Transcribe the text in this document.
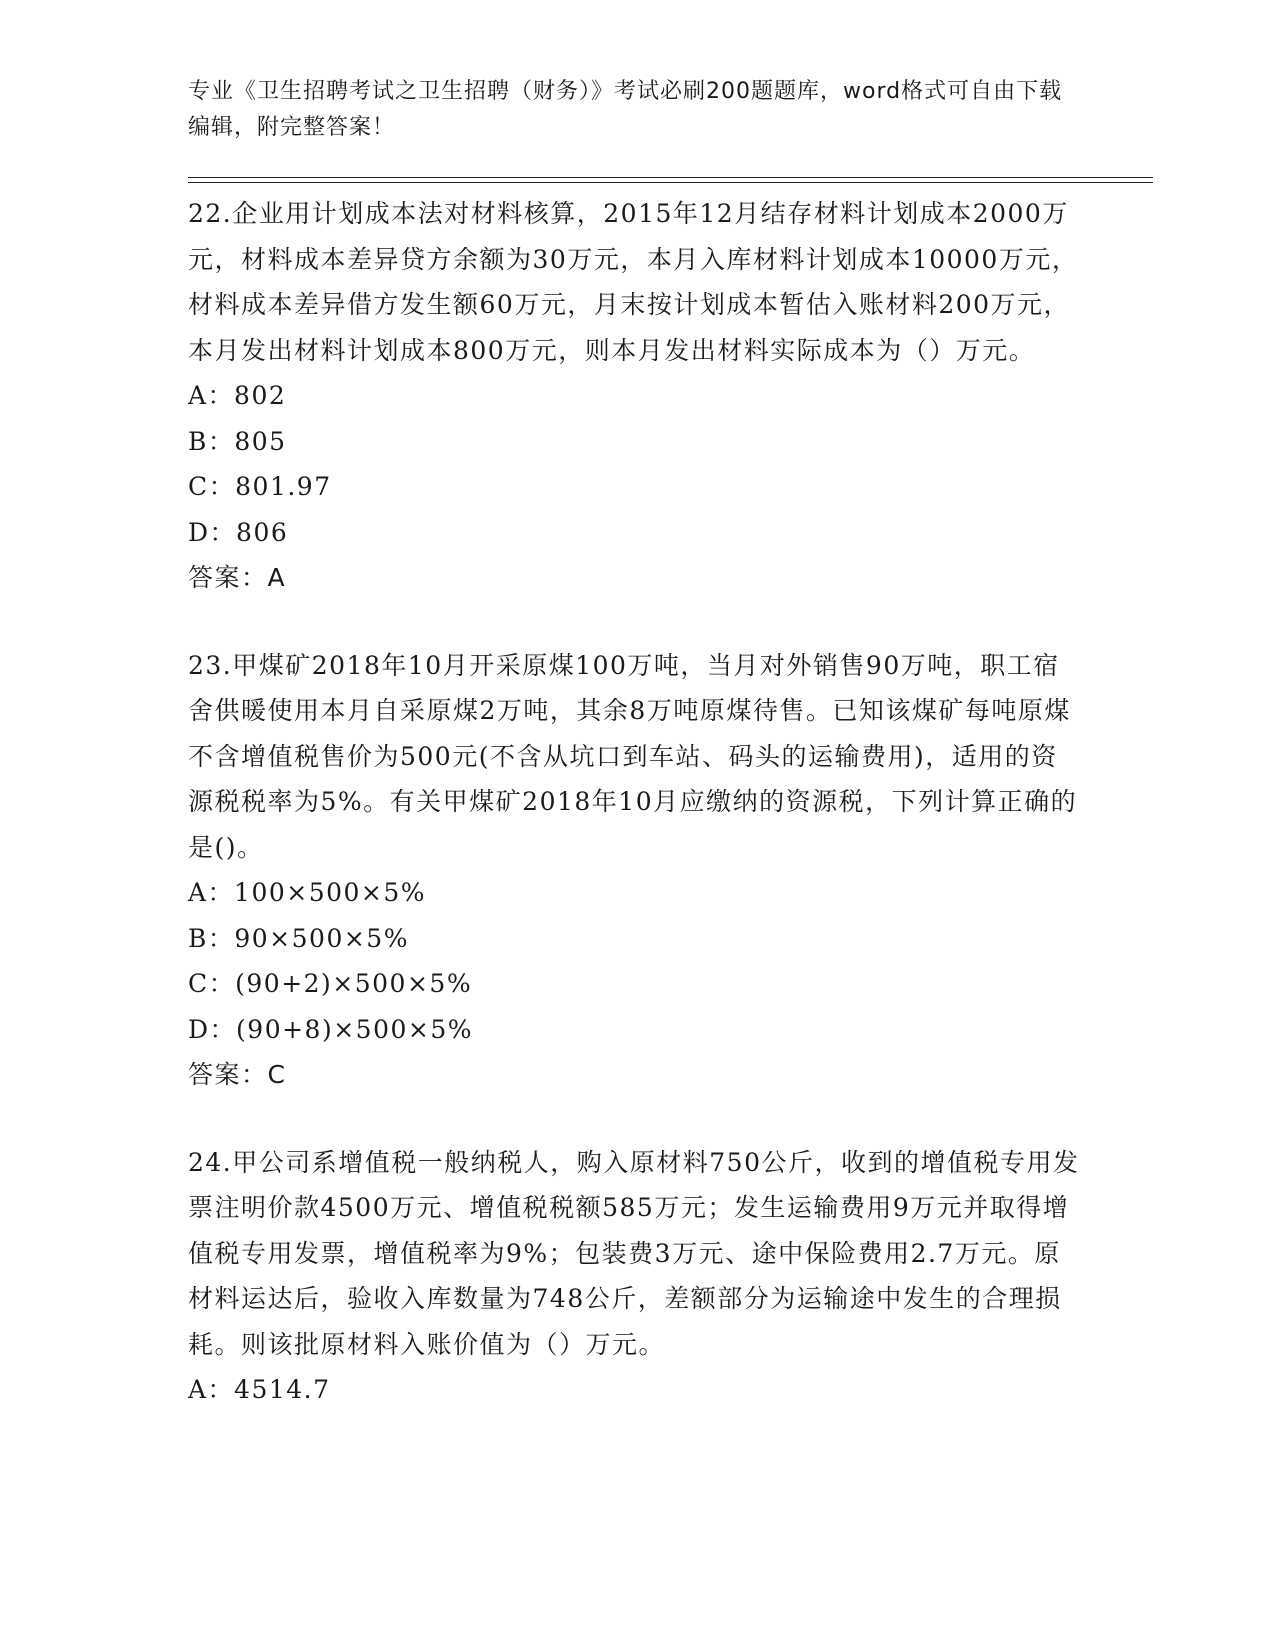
专业《卫生招聘考试之卫生招聘（财务）》考试必刷200题题库，word格式可自由下载编辑，附完整答案！
22.企业用计划成本法对材料核算，2015年12月结存材料计划成本2000万元，材料成本差异贷方余额为30万元，本月入库材料计划成本10000万元，材料成本差异借方发生额60万元，月末按计划成本暂估入账材料200万元，本月发出材料计划成本800万元，则本月发出材料实际成本为（）万元。
A：802
B：805
C：801.97
D：806
答案：A
23.甲煤矿2018年10月开采原煤100万吨，当月对外销售90万吨，职工宿舍供暖使用本月自采原煤2万吨，其余8万吨原煤待售。已知该煤矿每吨原煤不含增值税售价为500元(不含从坑口到车站、码头的运输费用)，适用的资源税税率为5%。有关甲煤矿2018年10月应缴纳的资源税，下列计算正确的是()。
A：100×500×5%
B：90×500×5%
C：(90+2)×500×5%
D：(90+8)×500×5%
答案：C
24.甲公司系增值税一般纳税人，购入原材料750公斤，收到的增值税专用发票注明价款4500万元、增值税税额585万元；发生运输费用9万元并取得增值税专用发票，增值税率为9%；包装费3万元、途中保险费用2.7万元。原材料运达后，验收入库数量为748公斤，差额部分为运输途中发生的合理损耗。则该批原材料入账价值为（）万元。
A：4514.7
